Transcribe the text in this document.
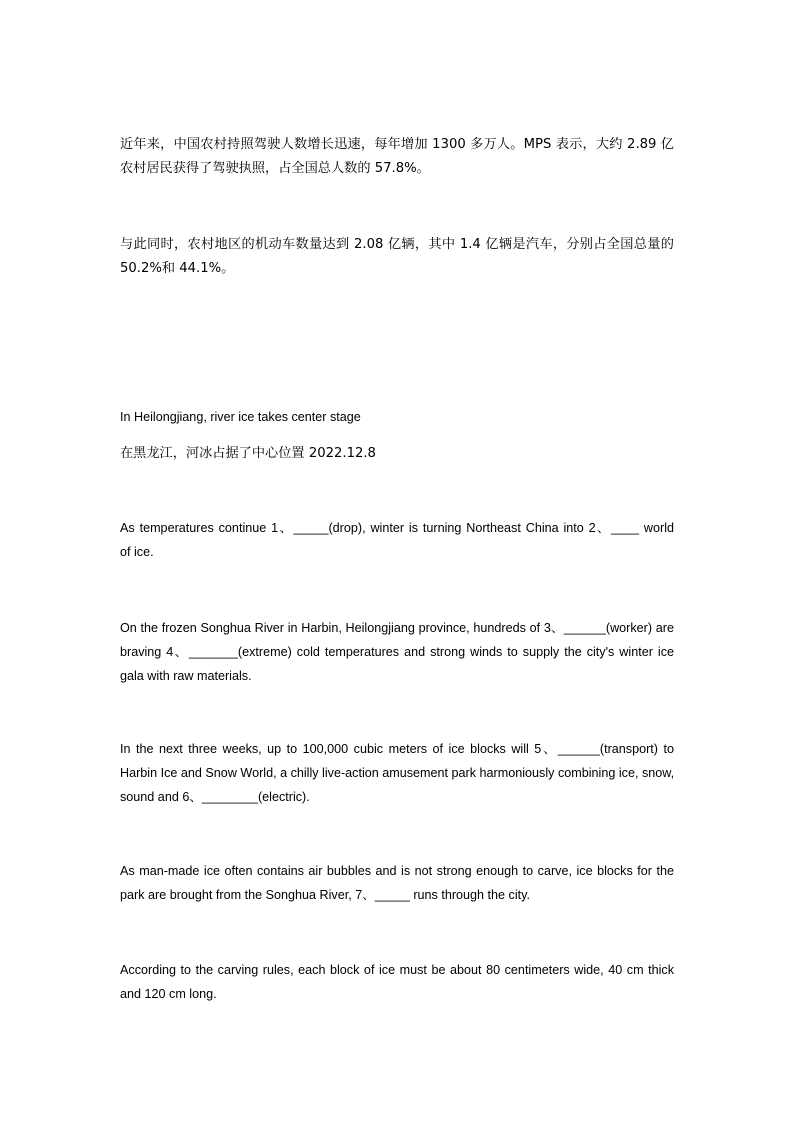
近年来，中国农村持照驾驶人数增长迅速，每年增加 1300 多万人。MPS 表示，大约 2.89 亿
农村居民获得了驾驶执照，占全国总人数的 57.8%。

与此同时，农村地区的机动车数量达到 2.08 亿辆，其中 1.4 亿辆是汽车，分别占全国总量的
50.2%和 44.1%。

In Heilongjiang, river ice takes center stage

在黑龙江，河冰占据了中心位置 2022.12.8

As temperatures continue 1、_____(drop), winter is turning Northeast China into 2、____ world
of ice.

On the frozen Songhua River in Harbin, Heilongjiang province, hundreds of 3、______(worker) are
braving 4、_______(extreme) cold temperatures and strong winds to supply the city's winter ice
gala with raw materials.

In the next three weeks, up to 100,000 cubic meters of ice blocks will 5、______(transport) to
Harbin Ice and Snow World, a chilly live-action amusement park harmoniously combining ice, snow,
sound and 6、________(electric).

As man-made ice often contains air bubbles and is not strong enough to carve, ice blocks for the
park are brought from the Songhua River, 7、_____ runs through the city.

According to the carving rules, each block of ice must be about 80 centimeters wide, 40 cm thick
and 120 cm long.
